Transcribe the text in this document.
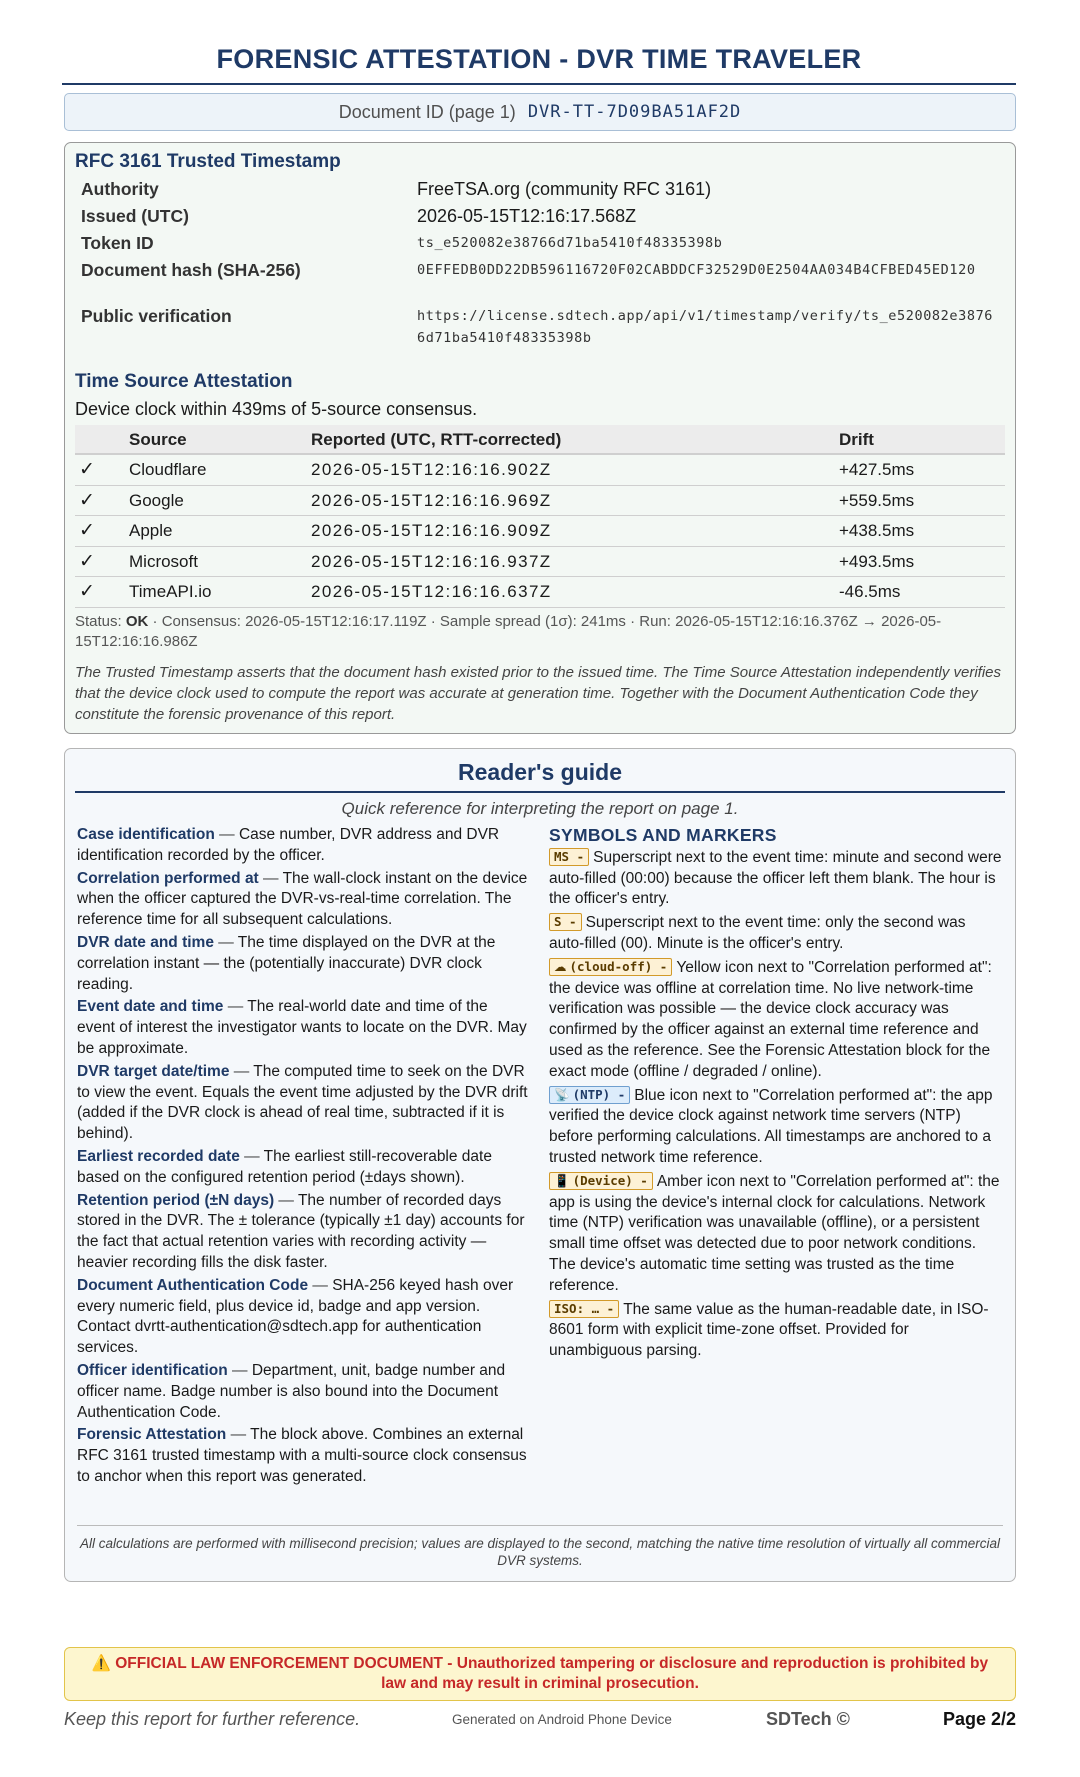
FORENSIC ATTESTATION - DVR TIME TRAVELER
Document ID (page 1) DVR-TT-7D09BA51AF2D
RFC 3161 Trusted Timestamp
Authority	FreeTSA.org (community RFC 3161)
Issued (UTC)	2026-05-15T12:16:17.568Z
Token ID	ts_e520082e38766d71ba5410f48335398b
Document hash (SHA-256)	0EFFEDB0DD22DB596116720F02CABDDCF32529D0E2504AA034B4CFBED45ED120
Public verification	https://license.sdtech.app/api/v1/timestamp/verify/ts_e520082e38766d71ba5410f48335398b
Time Source Attestation
Device clock within 439ms of 5-source consensus.
Source	Reported (UTC, RTT-corrected)	Drift
✓ Cloudflare	2026-05-15T12:16:16.902Z	+427.5ms
✓ Google	2026-05-15T12:16:16.969Z	+559.5ms
✓ Apple	2026-05-15T12:16:16.909Z	+438.5ms
✓ Microsoft	2026-05-15T12:16:16.937Z	+493.5ms
✓ TimeAPI.io	2026-05-15T12:16:16.637Z	-46.5ms
Status: OK · Consensus: 2026-05-15T12:16:17.119Z · Sample spread (1σ): 241ms · Run: 2026-05-15T12:16:16.376Z → 2026-05-15T12:16:16.986Z
The Trusted Timestamp asserts that the document hash existed prior to the issued time. The Time Source Attestation independently verifies that the device clock used to compute the report was accurate at generation time. Together with the Document Authentication Code they constitute the forensic provenance of this report.
Reader's guide
Quick reference for interpreting the report on page 1.
Case identification — Case number, DVR address and DVR identification recorded by the officer.
Correlation performed at — The wall-clock instant on the device when the officer captured the DVR-vs-real-time correlation. The reference time for all subsequent calculations.
DVR date and time — The time displayed on the DVR at the correlation instant — the (potentially inaccurate) DVR clock reading.
Event date and time — The real-world date and time of the event of interest the investigator wants to locate on the DVR. May be approximate.
DVR target date/time — The computed time to seek on the DVR to view the event. Equals the event time adjusted by the DVR drift (added if the DVR clock is ahead of real time, subtracted if it is behind).
Earliest recorded date — The earliest still-recoverable date based on the configured retention period (±days shown).
Retention period (±N days) — The number of recorded days stored in the DVR. The ± tolerance (typically ±1 day) accounts for the fact that actual retention varies with recording activity — heavier recording fills the disk faster.
Document Authentication Code — SHA-256 keyed hash over every numeric field, plus device id, badge and app version. Contact dvrtt-authentication@sdtech.app for authentication services.
Officer identification — Department, unit, badge number and officer name. Badge number is also bound into the Document Authentication Code.
Forensic Attestation — The block above. Combines an external RFC 3161 trusted timestamp with a multi-source clock consensus to anchor when this report was generated.
SYMBOLS AND MARKERS
MS - Superscript next to the event time: minute and second were auto-filled (00:00) because the officer left them blank. The hour is the officer's entry.
S - Superscript next to the event time: only the second was auto-filled (00). Minute is the officer's entry.
☁ (cloud-off) - Yellow icon next to "Correlation performed at": the device was offline at correlation time. No live network-time verification was possible — the device clock accuracy was confirmed by the officer against an external time reference and used as the reference. See the Forensic Attestation block for the exact mode (offline / degraded / online).
📡 (NTP) - Blue icon next to "Correlation performed at": the app verified the device clock against network time servers (NTP) before performing calculations. All timestamps are anchored to a trusted network time reference.
📱 (Device) - Amber icon next to "Correlation performed at": the app is using the device's internal clock for calculations. Network time (NTP) verification was unavailable (offline), or a persistent small time offset was detected due to poor network conditions. The device's automatic time setting was trusted as the time reference.
ISO: … - The same value as the human-readable date, in ISO-8601 form with explicit time-zone offset. Provided for unambiguous parsing.
All calculations are performed with millisecond precision; values are displayed to the second, matching the native time resolution of virtually all commercial DVR systems.
⚠️ OFFICIAL LAW ENFORCEMENT DOCUMENT - Unauthorized tampering or disclosure and reproduction is prohibited by law and may result in criminal prosecution.
Keep this report for further reference.	Generated on Android Phone Device	SDTech ©	Page 2/2
